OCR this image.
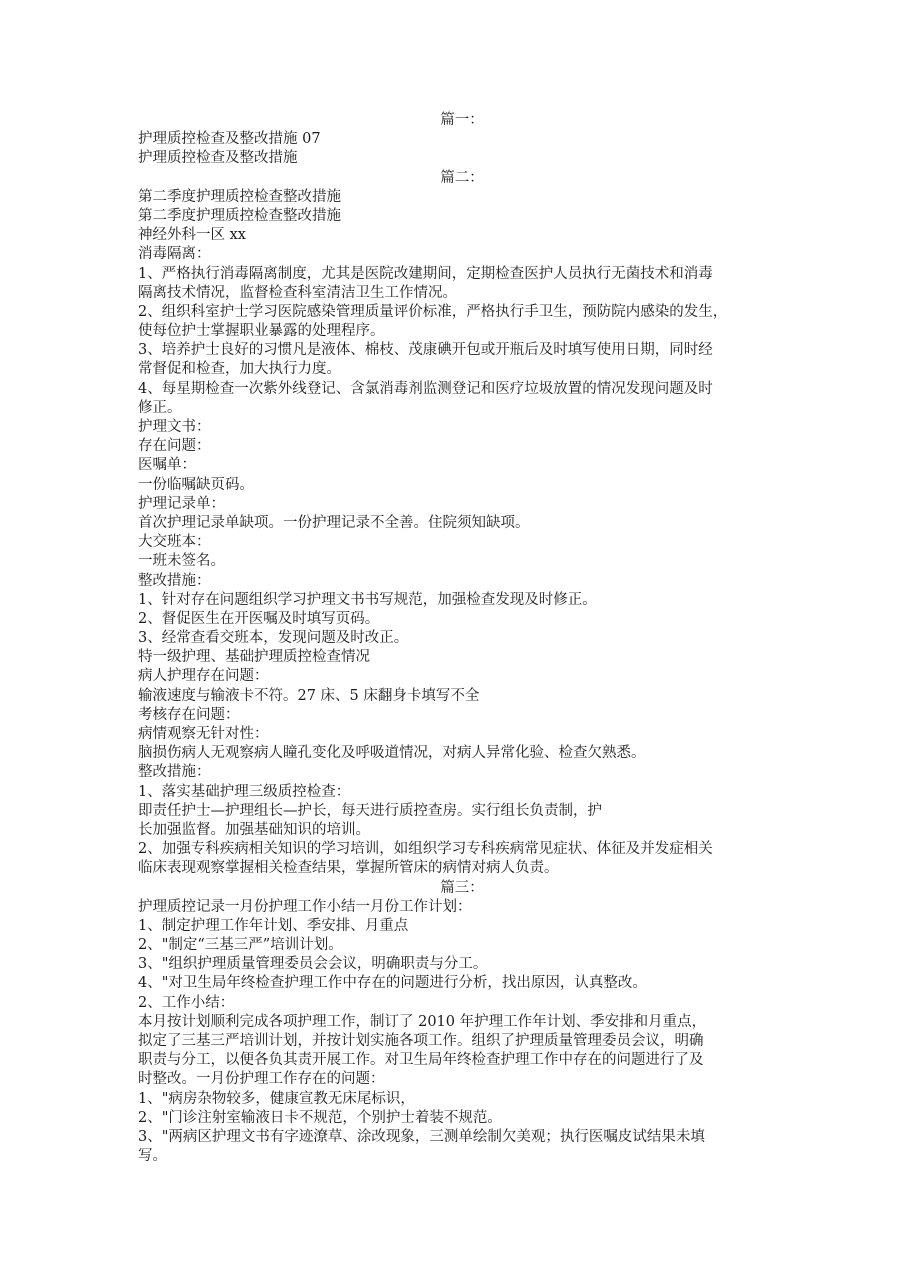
篇一：
护理质控检查及整改措施 07
护理质控检查及整改措施
篇二：
第二季度护理质控检查整改措施
第二季度护理质控检查整改措施
神经外科一区 xx
消毒隔离：
1、严格执行消毒隔离制度，尤其是医院改建期间，定期检查医护人员执行无菌技术和消毒
隔离技术情况，监督检查科室清洁卫生工作情况。
2、组织科室护士学习医院感染管理质量评价标准，严格执行手卫生，预防院内感染的发生，
使每位护士掌握职业暴露的处理程序。
3、培养护士良好的习惯凡是液体、棉枝、茂康碘开包或开瓶后及时填写使用日期，同时经
常督促和检查，加大执行力度。
4、每星期检查一次紫外线登记、含氯消毒剂监测登记和医疗垃圾放置的情况发现问题及时
修正。
护理文书：
存在问题：
医嘱单：
一份临嘱缺页码。
护理记录单：
首次护理记录单缺项。一份护理记录不全善。住院须知缺项。
大交班本：
一班未签名。
整改措施：
1、针对存在问题组织学习护理文书书写规范，加强检查发现及时修正。
2、督促医生在开医嘱及时填写页码。
3、经常查看交班本，发现问题及时改正。
特一级护理、基础护理质控检查情况
病人护理存在问题：
输液速度与输液卡不符。27 床、5 床翻身卡填写不全
考核存在问题：
病情观察无针对性：
脑损伤病人无观察病人瞳孔变化及呼吸道情况，对病人异常化验、检查欠熟悉。
整改措施：
1、落实基础护理三级质控检查：
即责任护士—护理组长—护长，每天进行质控查房。实行组长负责制，护
长加强监督。加强基础知识的培训。
2、加强专科疾病相关知识的学习培训，如组织学习专科疾病常见症状、体征及并发症相关
临床表现观察掌握相关检查结果，掌握所管床的病情对病人负责。
篇三：
护理质控记录一月份护理工作小结一月份工作计划：
1、制定护理工作年计划、季安排、月重点
2、"制定“三基三严”培训计划。
3、"组织护理质量管理委员会会议，明确职责与分工。
4、"对卫生局年终检查护理工作中存在的问题进行分析，找出原因，认真整改。
2、工作小结：
本月按计划顺利完成各项护理工作，制订了 2010 年护理工作年计划、季安排和月重点，
拟定了三基三严培训计划，并按计划实施各项工作。组织了护理质量管理委员会议，明确
职责与分工，以便各负其责开展工作。对卫生局年终检查护理工作中存在的问题进行了及
时整改。一月份护理工作存在的问题：
1、"病房杂物较多，健康宣教无床尾标识，
2、"门诊注射室输液日卡不规范，个别护士着装不规范。
3、"两病区护理文书有字迹潦草、涂改现象，三测单绘制欠美观；执行医嘱皮试结果未填
写。
